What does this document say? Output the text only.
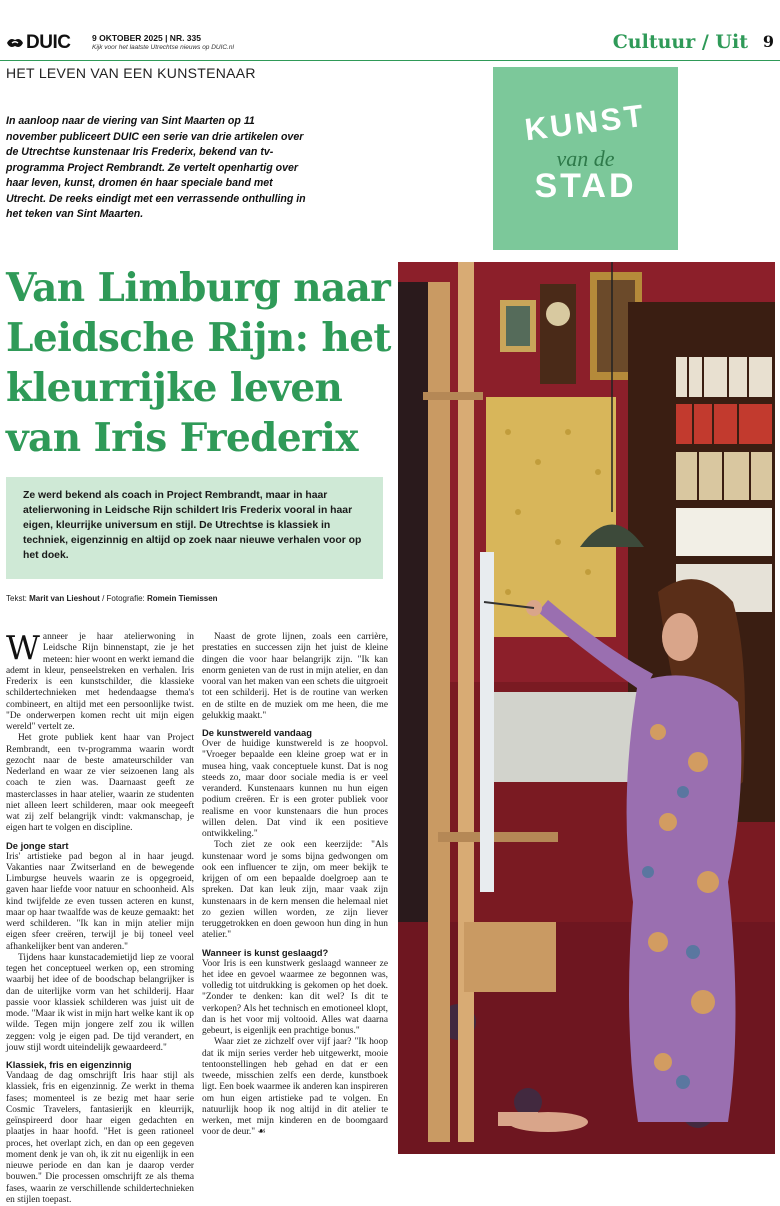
DUIC	9 OKTOBER 2025 | NR. 335
Kijk voor het laatste Utrechtse nieuws op DUIC.nl	Cultuur / Uit 9
HET LEVEN VAN EEN KUNSTENAAR
In aanloop naar de viering van Sint Maarten op 11 november publiceert DUIC een serie van drie artikelen over de Utrechtse kunstenaar Iris Frederix, bekend van tv-programma Project Rembrandt. Ze vertelt openhartig over haar leven, kunst, dromen én haar speciale band met Utrecht. De reeks eindigt met een verrassende onthulling in het teken van Sint Maarten.
KUNST
van de
STAD
Van Limburg naar Leidsche Rijn: het kleurrijke leven van Iris Frederix

Ze werd bekend als coach in Project Rembrandt, maar in haar atelierwoning in Leidsche Rijn schildert Iris Frederix vooral in haar eigen, kleurrijke universum en stijl. De Utrechtse is klassiek in techniek, eigenzinnig en altijd op zoek naar nieuwe verhalen voor op het doek.

Tekst: Marit van Lieshout / Fotografie: Romein Tiemissen

Wanneer je haar atelierwoning in Leidsche Rijn binnenstapt, zie je het meteen: hier woont en werkt iemand die ademt in kleur, penseelstreken en verhalen. Iris Frederix is een kunstschilder, die klassieke schildertechnieken met hedendaagse thema's combineert, en altijd met een persoonlijke twist. "De onderwerpen komen recht uit mijn eigen wereld" vertelt ze.

Het grote publiek kent haar van Project Rembrandt, een tv-programma waarin wordt gezocht naar de beste amateurschilder van Nederland en waar ze vier seizoenen lang als coach te zien was. Daarnaast geeft ze masterclasses in haar atelier, waarin ze studenten niet alleen leert schilderen, maar ook meegeeft wat zij zelf belangrijk vindt: vakmanschap, je eigen hart te volgen en discipline.

De jonge start

Iris' artistieke pad begon al in haar jeugd. Vakanties naar Zwitserland en de bewegende Limburgse heuvels waarin ze is opgegroeid, gaven haar liefde voor natuur en schoonheid. Als kind twijfelde ze even tussen acteren en kunst, maar op haar twaalfde was de keuze gemaakt: het werd schilderen. "Ik kan in mijn atelier mijn eigen sfeer creëren, terwijl je bij toneel veel afhankelijker bent van anderen."

Tijdens haar kunstacademietijd liep ze vooral tegen het conceptueel werken op, een stroming waarbij het idee of de boodschap belangrijker is dan de uiterlijke vorm van het schilderij. Haar passie voor klassiek schilderen was juist uit de mode. "Maar ik wist in mijn hart welke kant ik op wilde. Tegen mijn jongere zelf zou ik willen zeggen: volg je eigen pad. De tijd verandert, en jouw stijl wordt uiteindelijk gewaardeerd."

Klassiek, fris en eigenzinnig

Vandaag de dag omschrijft Iris haar stijl als klassiek, fris en eigenzinnig. Ze werkt in thema fases; momenteel is ze bezig met haar serie Cosmic Travelers, fantasierijk en kleurrijk, geïnspireerd door haar eigen gedachten en plaatjes in haar hoofd. "Het is geen rationeel proces, het overlapt zich, en dan op een gegeven moment denk je van oh, ik zit nu eigenlijk in een nieuwe periode en dan kan je daarop verder bouwen." Die processen omschrijft ze als thema fases, waarin ze verschillende schildertechnieken en stijlen toepast.

Naast de grote lijnen, zoals een carrière, prestaties en successen zijn het juist de kleine dingen die voor haar belangrijk zijn. "Ik kan enorm genieten van de rust in mijn atelier, en dan vooral van het maken van een schets die uitgroeit tot een schilderij. Het is de routine van werken en de stilte en de muziek om me heen, die me gelukkig maakt."

De kunstwereld vandaag

Over de huidige kunstwereld is ze hoopvol. "Vroeger bepaalde een kleine groep wat er in musea hing, vaak conceptuele kunst. Dat is nog steeds zo, maar door sociale media is er veel veranderd. Kunstenaars kunnen nu hun eigen podium creëren. Er is een groter publiek voor realisme en voor kunstenaars die hun proces willen delen. Dat vind ik een positieve ontwikkeling."

Toch ziet ze ook een keerzijde: "Als kunstenaar word je soms bijna gedwongen om ook een influencer te zijn, om meer bekijk te krijgen of om een bepaalde doelgroep aan te spreken. Dat kan leuk zijn, maar vaak zijn kunstenaars in de kern mensen die helemaal niet zo gezien willen worden, ze zijn liever teruggetrokken en doen gewoon hun ding in hun atelier."

Wanneer is kunst geslaagd?

Voor Iris is een kunstwerk geslaagd wanneer ze het idee en gevoel waarmee ze begonnen was, volledig tot uitdrukking is gekomen op het doek. "Zonder te denken: kan dit wel? Is dit te verkopen? Als het technisch en emotioneel klopt, dan is het voor mij voltooid. Alles wat daarna gebeurt, is eigenlijk een prachtige bonus."

Waar ziet ze zichzelf over vijf jaar? "Ik hoop dat ik mijn series verder heb uitgewerkt, mooie tentoonstellingen heb gehad en dat er een tweede, misschien zelfs een derde, kunstboek ligt. Een boek waarmee ik anderen kan inspireren om hun eigen artistieke pad te volgen. En natuurlijk hoop ik nog altijd in dit atelier te werken, met mijn kinderen en de boomgaard voor de deur." ☙
